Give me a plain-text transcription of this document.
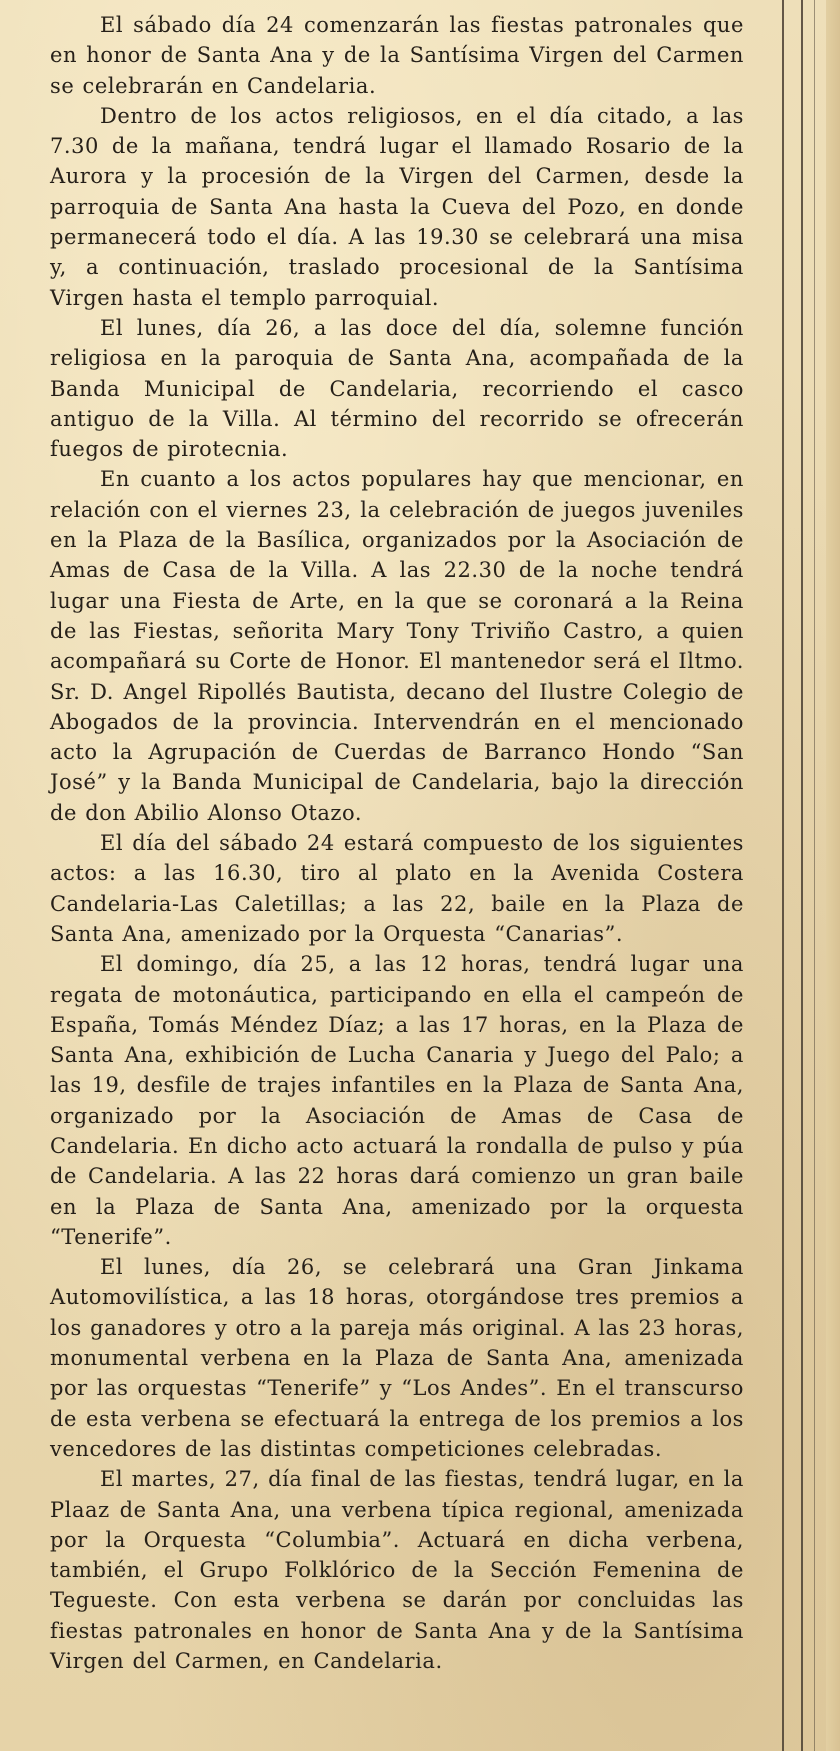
El sábado día 24 comenzarán las fiestas patronales que en honor de Santa Ana y de la Santísima Virgen del Carmen se celebrarán en Candelaria.

Dentro de los actos religiosos, en el día citado, a las 7.30 de la mañana, tendrá lugar el llamado Rosario de la Aurora y la procesión de la Virgen del Carmen, desde la parroquia de Santa Ana hasta la Cueva del Pozo, en donde permanecerá todo el día. A las 19.30 se celebrará una misa y, a continuación, traslado procesional de la Santísima Virgen hasta el templo parroquial.

El lunes, día 26, a las doce del día, solemne función religiosa en la paroquia de Santa Ana, acompañada de la Banda Municipal de Candelaria, recorriendo el casco antiguo de la Villa. Al término del recorrido se ofrecerán fuegos de pirotecnia.

En cuanto a los actos populares hay que mencionar, en relación con el viernes 23, la celebración de juegos juveniles en la Plaza de la Basílica, organizados por la Asociación de Amas de Casa de la Villa. A las 22.30 de la noche tendrá lugar una Fiesta de Arte, en la que se coronará a la Reina de las Fiestas, señorita Mary Tony Triviño Castro, a quien acompañará su Corte de Honor. El mantenedor será el Iltmo. Sr. D. Angel Ripollés Bautista, decano del Ilustre Colegio de Abogados de la provincia. Intervendrán en el mencionado acto la Agrupación de Cuerdas de Barranco Hondo “San José” y la Banda Municipal de Candelaria, bajo la dirección de don Abilio Alonso Otazo.

El día del sábado 24 estará compuesto de los siguientes actos: a las 16.30, tiro al plato en la Avenida Costera Candelaria-Las Caletillas; a las 22, baile en la Plaza de Santa Ana, amenizado por la Orquesta “Canarias”.

El domingo, día 25, a las 12 horas, tendrá lugar una regata de motonáutica, participando en ella el campeón de España, Tomás Méndez Díaz; a las 17 horas, en la Plaza de Santa Ana, exhibición de Lucha Canaria y Juego del Palo; a las 19, desfile de trajes infantiles en la Plaza de Santa Ana, organizado por la Asociación de Amas de Casa de Candelaria. En dicho acto actuará la rondalla de pulso y púa de Candelaria. A las 22 horas dará comienzo un gran baile en la Plaza de Santa Ana, amenizado por la orquesta “Tenerife”.

El lunes, día 26, se celebrará una Gran Jinkama Automovilística, a las 18 horas, otorgándose tres premios a los ganadores y otro a la pareja más original. A las 23 horas, monumental verbena en la Plaza de Santa Ana, amenizada por las orquestas “Tenerife” y “Los Andes”. En el transcurso de esta verbena se efectuará la entrega de los premios a los vencedores de las distintas competiciones celebradas.

El martes, 27, día final de las fiestas, tendrá lugar, en la Plaaz de Santa Ana, una verbena típica regional, amenizada por la Orquesta “Columbia”. Actuará en dicha verbena, también, el Grupo Folklórico de la Sección Femenina de Tegueste. Con esta verbena se darán por concluidas las fiestas patronales en honor de Santa Ana y de la Santísima Virgen del Carmen, en Candelaria.
